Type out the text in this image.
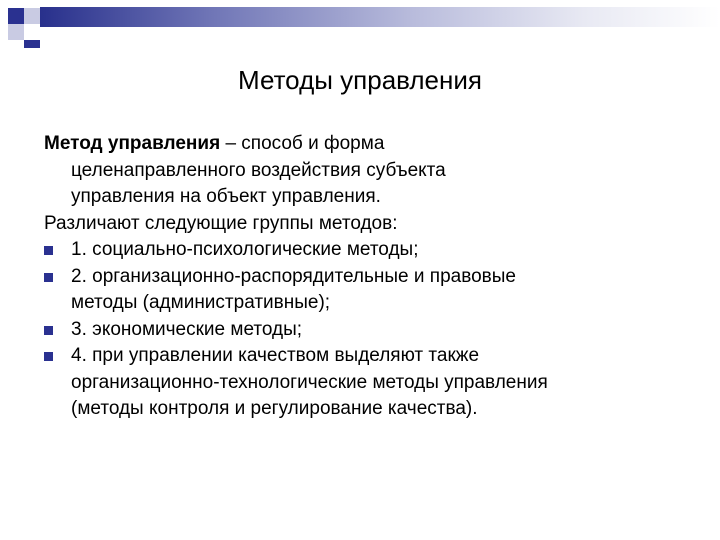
Методы управления

Метод управления – способ и форма

целенаправленного воздействия субъекта

управления на объект управления.

Различают следующие группы методов:

1. социально-психологические методы;
2. организационно-распорядительные и правовые
методы (административные);
3. экономические методы;
4. при управлении качеством выделяют также
организационно-технологические методы управления
(методы контроля и регулирование качества).
